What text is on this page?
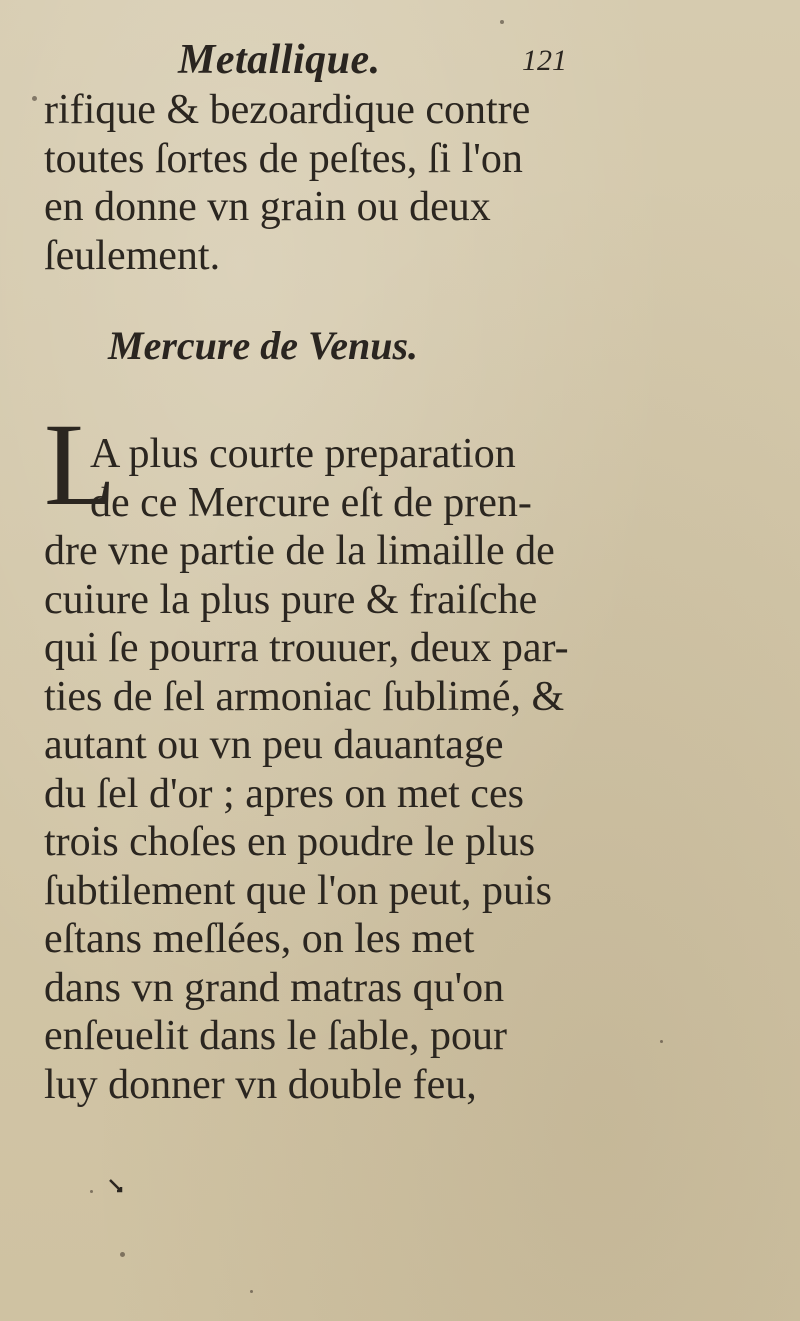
Metallique.	121
rifique & bezoardique contre
toutes ſortes de peſtes, ſi l'on
en donne vn grain ou deux
ſeulement.
Mercure de Venus.
L
A plus courte preparation
de ce Mercure eſt de pren-
dre vne partie de la limaille de
cuiure la plus pure & fraiſche
qui ſe pourra trouuer, deux par-
ties de ſel armoniac ſublimé, &
autant ou vn peu dauantage
du ſel d'or ; apres on met ces
trois choſes en poudre le plus
ſubtilement que l'on peut, puis
eſtans meſlées, on les met
dans vn grand matras qu'on
enſeuelit dans le ſable, pour
luy donner vn double feu,
